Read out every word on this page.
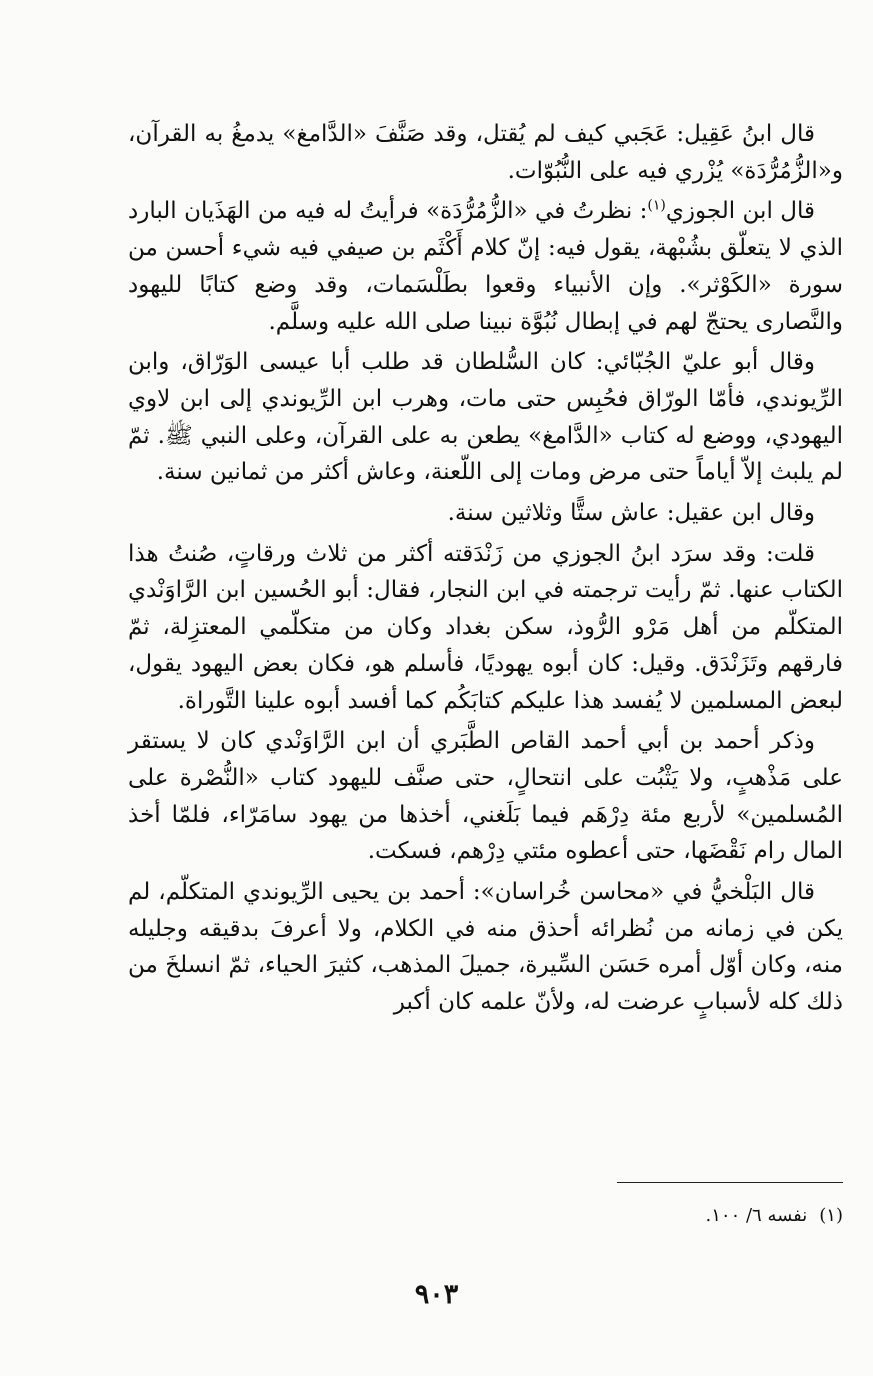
قال ابنُ عَقِيل: عَجَبي كيف لم يُقتل، وقد صَنَّفَ «الدَّامغ» يدمغُ به القرآن، و«الزُّمُرُّدَة» يُزْري فيه على النُّبُوّات.

قال ابن الجوزي$^{(١)}$: نظرتُ في «الزُّمُرُّدَة» فرأيتُ له فيه من الهَذَيان البارد الذي لا يتعلّق بشُبْهة، يقول فيه: إنّ كلام أَكْثَم بن صيفي فيه شيء أحسن من سورة «الكَوْثر». وإن الأنبياء وقعوا بطَلْسَمات، وقد وضع كتابًا لليهود والنَّصارى يحتجّ لهم في إبطال نُبُوَّة نبينا صلى الله عليه وسلَّم.

وقال أبو عليّ الجُبّائي: كان السُّلطان قد طلب أبا عيسى الوَرّاق، وابن الرِّيوندي، فأمّا الورّاق فحُبِس حتى مات، وهرب ابن الرِّيوندي إلى ابن لاوي اليهودي، ووضع له كتاب «الدَّامغ» يطعن به على القرآن، وعلى النبي ﷺ. ثمّ لم يلبث إلاّ أياماً حتى مرض ومات إلى اللّعنة، وعاش أكثر من ثمانين سنة.

وقال ابن عقيل: عاش ستًّا وثلاثين سنة.

قلت: وقد سرَد ابنُ الجوزي من زَنْدَقته أكثر من ثلاث ورقاتٍ، صُنتُ هذا الكتاب عنها. ثمّ رأيت ترجمته في ابن النجار، فقال: أبو الحُسين ابن الرَّاوَنْدي المتكلّم من أهل مَرْو الرُّوذ، سكن بغداد وكان من متكلّمي المعتزِلة، ثمّ فارقهم وتَزَنْدَق. وقيل: كان أبوه يهوديًا، فأسلم هو، فكان بعض اليهود يقول، لبعض المسلمين لا يُفسد هذا عليكم كتابَكُم كما أفسد أبوه علينا التَّوراة.

وذكر أحمد بن أبي أحمد القاص الطَّبَري أن ابن الرَّاوَنْدي كان لا يستقر على مَذْهبٍ، ولا يَثْبُت على انتحالٍ، حتى صنَّف لليهود كتاب «النُّصْرة على المُسلمين» لأربع مئة دِرْهَم فيما بَلَغني، أخذها من يهود سامَرّاء، فلمّا أخذ المال رام نَقْضَها، حتى أعطوه مئتي دِرْهم، فسكت.

قال البَلْخيُّ في «محاسن خُراسان»: أحمد بن يحيى الرِّيوندي المتكلّم، لم يكن في زمانه من نُظرائه أحذق منه في الكلام، ولا أعرفَ بدقيقه وجليله منه، وكان أوّل أمره حَسَن السِّيرة، جميلَ المذهب، كثيرَ الحياء، ثمّ انسلخَ من ذلك كله لأسبابٍ عرضت له، ولأنّ علمه كان أكبر

(١)نفسه ٦/ ١٠٠.
٩٠٣
